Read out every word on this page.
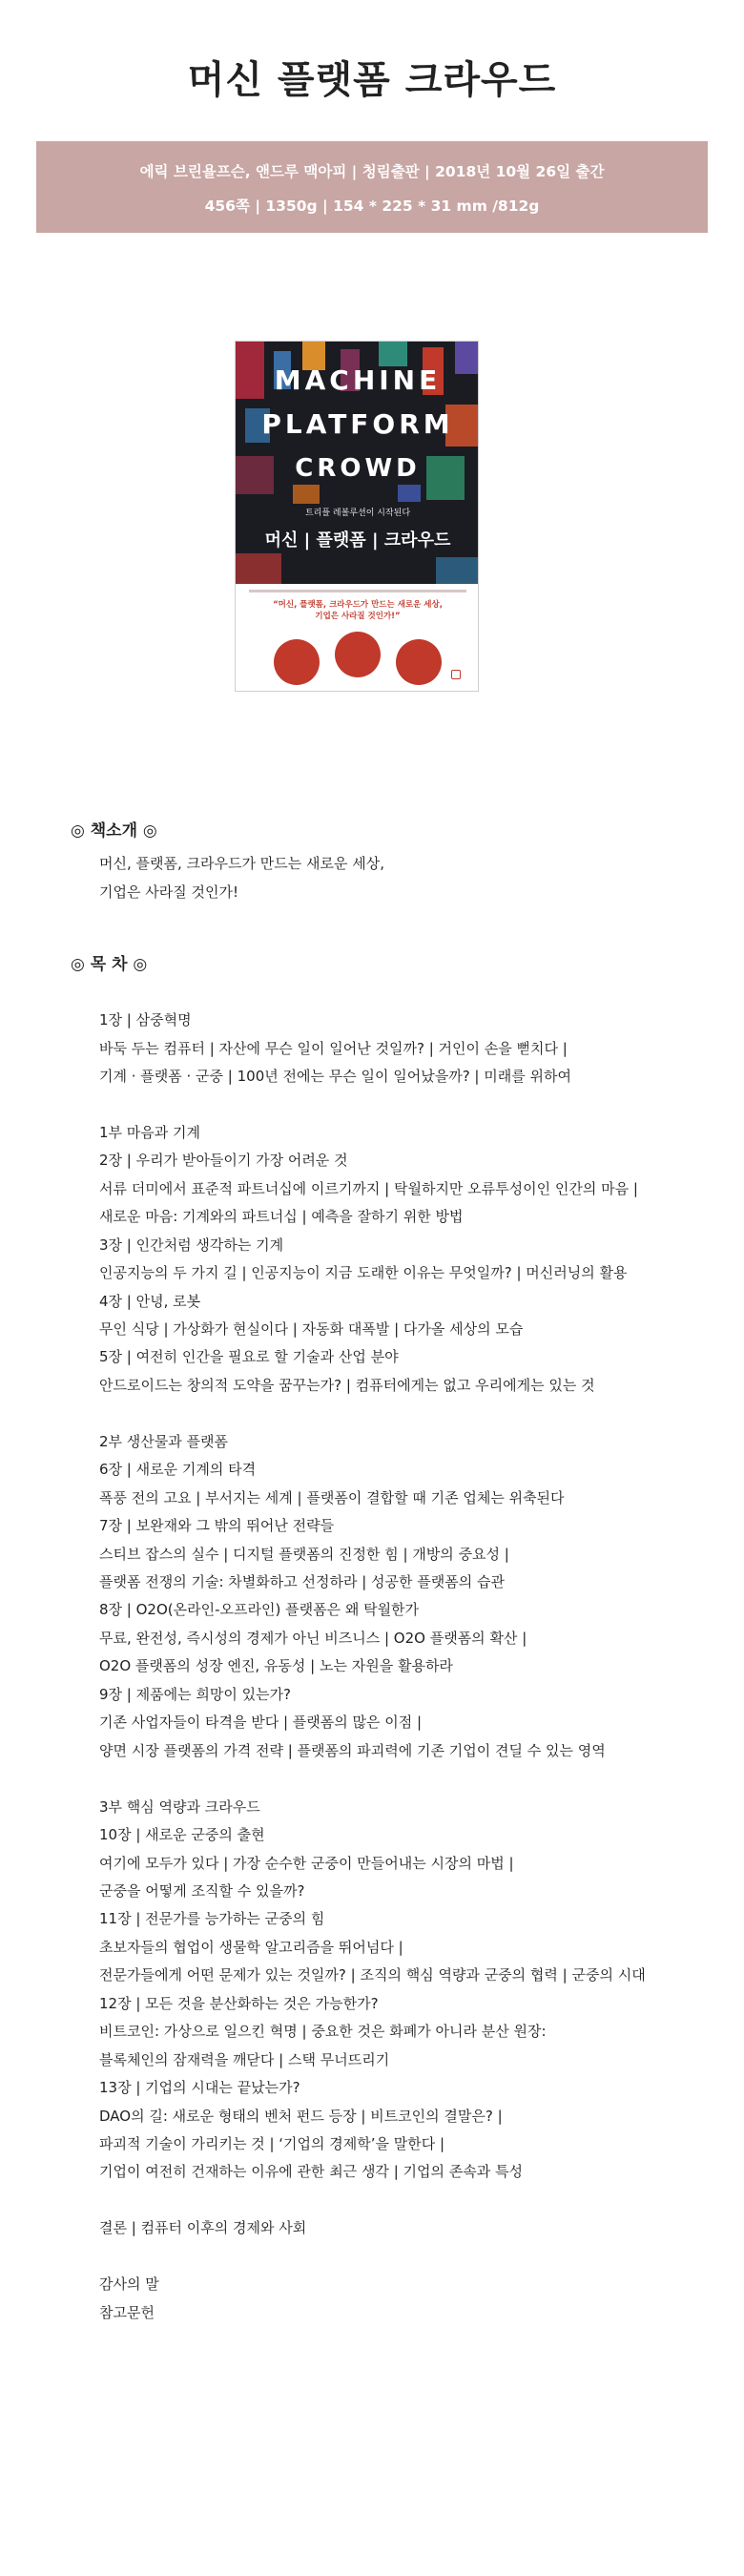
머신 플랫폼 크라우드
에릭 브린욜프슨, 앤드루 맥아피 | 청림출판 | 2018년 10월 26일 출간
456쪽 | 1350g | 154 * 225 * 31 mm /812g
MACHINE
PLATFORM
CROWD
트리플 레볼루션이 시작된다
머신 | 플랫폼 | 크라우드
“머신, 플랫폼, 크라우드가 만드는 새로운 세상,
기업은 사라질 것인가!”
◎ 책소개 ◎
머신, 플랫폼, 크라우드가 만드는 새로운 세상,
기업은 사라질 것인가!
◎ 목 차 ◎
1장 | 삼중혁명
바둑 두는 컴퓨터 | 자산에 무슨 일이 일어난 것일까? | 거인이 손을 뻗치다 |
기계 · 플랫폼 · 군중 | 100년 전에는 무슨 일이 일어났을까? | 미래를 위하여
1부 마음과 기계
2장 | 우리가 받아들이기 가장 어려운 것
서류 더미에서 표준적 파트너십에 이르기까지 | 탁월하지만 오류투성이인 인간의 마음 |
새로운 마음: 기계와의 파트너십 | 예측을 잘하기 위한 방법
3장 | 인간처럼 생각하는 기계
인공지능의 두 가지 길 | 인공지능이 지금 도래한 이유는 무엇일까? | 머신러닝의 활용
4장 | 안녕, 로봇
무인 식당 | 가상화가 현실이다 | 자동화 대폭발 | 다가올 세상의 모습
5장 | 여전히 인간을 필요로 할 기술과 산업 분야
안드로이드는 창의적 도약을 꿈꾸는가? | 컴퓨터에게는 없고 우리에게는 있는 것
2부 생산물과 플랫폼
6장 | 새로운 기계의 타격
폭풍 전의 고요 | 부서지는 세계 | 플랫폼이 결합할 때 기존 업체는 위축된다
7장 | 보완재와 그 밖의 뛰어난 전략들
스티브 잡스의 실수 | 디지털 플랫폼의 진정한 힘 | 개방의 중요성 |
플랫폼 전쟁의 기술: 차별화하고 선정하라 | 성공한 플랫폼의 습관
8장 | O2O(온라인-오프라인) 플랫폼은 왜 탁월한가
무료, 완전성, 즉시성의 경제가 아닌 비즈니스 | O2O 플랫폼의 확산 |
O2O 플랫폼의 성장 엔진, 유동성 | 노는 자원을 활용하라
9장 | 제품에는 희망이 있는가?
기존 사업자들이 타격을 받다 | 플랫폼의 많은 이점 |
양면 시장 플랫폼의 가격 전략 | 플랫폼의 파괴력에 기존 기업이 견딜 수 있는 영역
3부 핵심 역량과 크라우드
10장 | 새로운 군중의 출현
여기에 모두가 있다 | 가장 순수한 군중이 만들어내는 시장의 마법 |
군중을 어떻게 조직할 수 있을까?
11장 | 전문가를 능가하는 군중의 힘
초보자들의 협업이 생물학 알고리즘을 뛰어넘다 |
전문가들에게 어떤 문제가 있는 것일까? | 조직의 핵심 역량과 군중의 협력 | 군중의 시대
12장 | 모든 것을 분산화하는 것은 가능한가?
비트코인: 가상으로 일으킨 혁명 | 중요한 것은 화폐가 아니라 분산 원장:
블록체인의 잠재력을 깨닫다 | 스택 무너뜨리기
13장 | 기업의 시대는 끝났는가?
DAO의 길: 새로운 형태의 벤처 펀드 등장 | 비트코인의 결말은? |
파괴적 기술이 가리키는 것 | ‘기업의 경제학’을 말한다 |
기업이 여전히 건재하는 이유에 관한 최근 생각 | 기업의 존속과 특성
결론 | 컴퓨터 이후의 경제와 사회
감사의 말
참고문헌
